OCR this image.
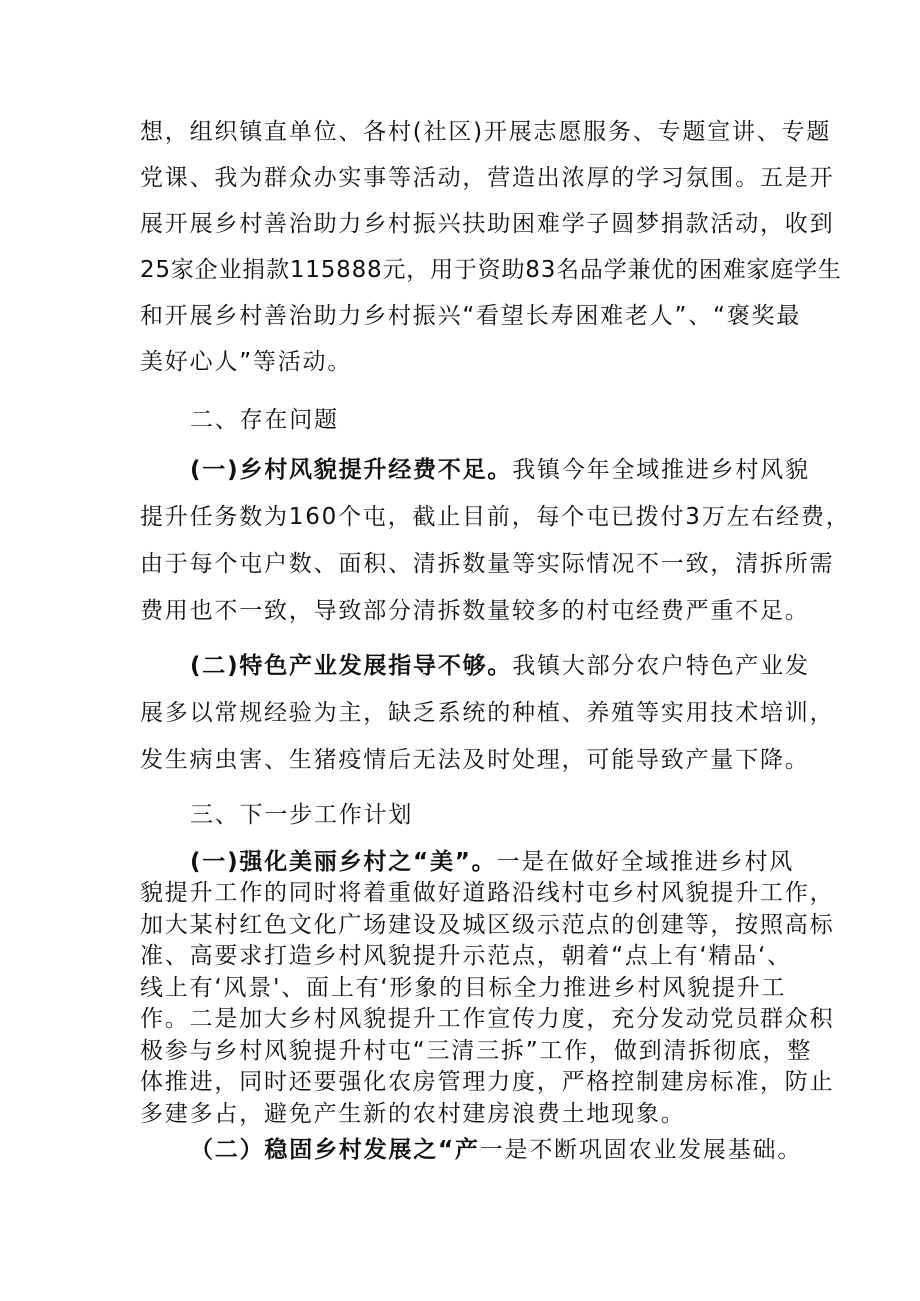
想，组织镇直单位、各村(社区)开展志愿服务、专题宣讲、专题

党课、我为群众办实事等活动，营造出浓厚的学习氛围。五是开

展开展乡村善治助力乡村振兴扶助困难学子圆梦捐款活动，收到

25家企业捐款115888元，用于资助83名品学兼优的困难家庭学生

和开展乡村善治助力乡村振兴“看望长寿困难老人”、“褒奖最

美好心人”等活动。

二、存在问题

(一)乡村风貌提升经费不足。我镇今年全域推进乡村风貌

提升任务数为160个屯，截止目前，每个屯已拨付3万左右经费，

由于每个屯户数、面积、清拆数量等实际情况不一致，清拆所需

费用也不一致，导致部分清拆数量较多的村屯经费严重不足。

(二)特色产业发展指导不够。我镇大部分农户特色产业发

展多以常规经验为主，缺乏系统的种植、养殖等实用技术培训，

发生病虫害、生猪疫情后无法及时处理，可能导致产量下降。

三、下一步工作计划

(一)强化美丽乡村之“美”。一是在做好全域推进乡村风

貌提升工作的同时将着重做好道路沿线村屯乡村风貌提升工作，

加大某村红色文化广场建设及城区级示范点的创建等，按照高标

准、高要求打造乡村风貌提升示范点，朝着“点上有‘精品‘、

线上有‘风景'、面上有‘形象的目标全力推进乡村风貌提升工

作。二是加大乡村风貌提升工作宣传力度，充分发动党员群众积

极参与乡村风貌提升村屯“三清三拆”工作，做到清拆彻底，整

体推进，同时还要强化农房管理力度，严格控制建房标准，防止

多建多占，避免产生新的农村建房浪费土地现象。

（二）稳固乡村发展之“产一是不断巩固农业发展基础。
